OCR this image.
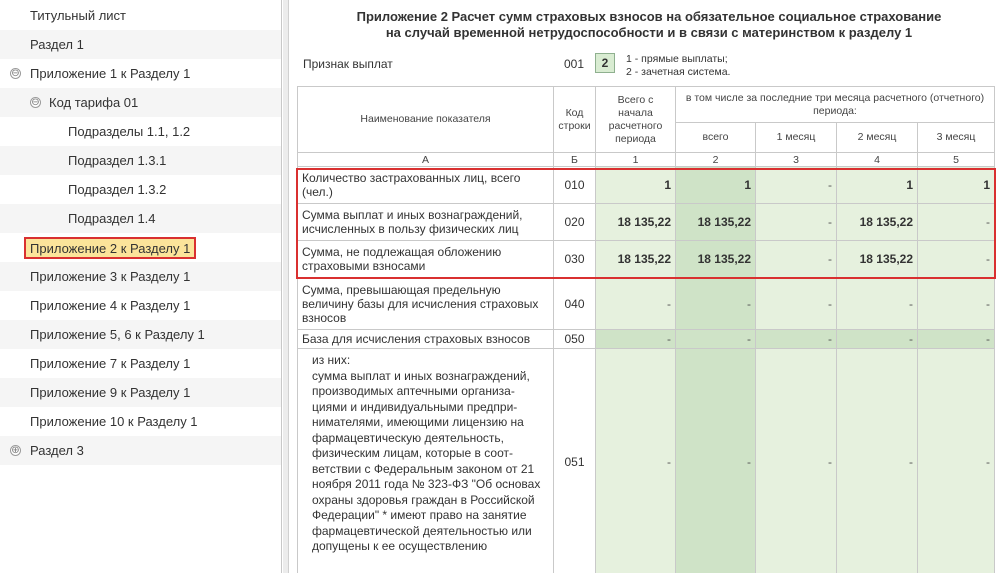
Титульный лист
Раздел 1
⊖ Приложение 1 к Разделу 1
⊖ Код тарифа 01
Подразделы 1.1, 1.2
Подраздел 1.3.1
Подраздел 1.3.2
Подраздел 1.4
Приложение 2 к Разделу 1
Приложение 3 к Разделу 1
Приложение 4 к Разделу 1
Приложение 5, 6 к Разделу 1
Приложение 7 к Разделу 1
Приложение 9 к Разделу 1
Приложение 10 к Разделу 1
⊕ Раздел 3
Приложение 2 Расчет сумм страховых взносов на обязательное социальное страхование
на случай временной нетрудоспособности и в связи с материнством к разделу 1
Признак выплат	001	2	1 - прямые выплаты;
2 - зачетная система.
Наименование показателя	Код строки	Всего с начала расчетного периода	в том числе за последние три месяца расчетного (отчетного) периода:			
			всего	1 месяц	2 месяц	3 месяц
А	Б	1	2	3	4	5
Количество застрахованных лиц, всего (чел.)	010	1	1	-	1	1
Сумма выплат и иных вознаграждений, исчисленных в пользу физических лиц	020	18 135,22	18 135,22	-	18 135,22	-
Сумма, не подлежащая обложению страховыми взносами	030	18 135,22	18 135,22	-	18 135,22	-
Сумма, превышающая предельную величину базы для исчисления страховых взносов	040	-	-	-	-	-
База для исчисления страховых взносов	050	-	-	-	-	-
из них:
сумма выплат и иных вознаграждений, производимых аптечными организа-циями и индивидуальными предпри-нимателями, имеющими лицензию на фармацевтическую деятельность, физическим лицам, которые в соот-ветствии с Федеральным законом от 21 ноября 2011 года № 323-ФЗ "Об основах охраны здоровья граждан в Российской Федерации" * имеют право на занятие фармацевтической деятельностью или допущены к ее осуществлению	051	-	-	-	-	-
